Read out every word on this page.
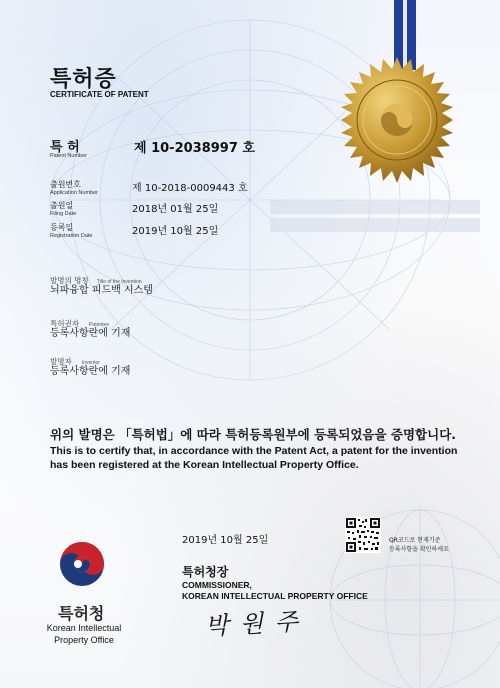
특허증
CERTIFICATE OF PATENT
특 허
Patent Number	제 10-2038997 호
출원번호
Application Number	제 10-2018-0009443 호
출원일
Filing Date	2018년 01월 25일
등록일
Registration Date	2019년 10월 25일
발명의 명칭 Title of the Invention
뇌파융합 피드백 시스템
특허권자 Patentee
등록사항란에 기재
발명자 Inventor
등록사항란에 기재
위의 발명은 「특허법」에 따라 특허등록원부에 등록되었음을 증명합니다.
This is to certify that, in accordance with the Patent Act, a patent for the invention
has been registered at the Korean Intellectual Property Office.
2019년 10월 25일	QR코드로 현재기준
등록사항을 확인하세요
특허청
Korean Intellectual
Property Office
특허청장
COMMISSIONER,
KOREAN INTELLECTUAL PROPERTY OFFICE
박 원 주
